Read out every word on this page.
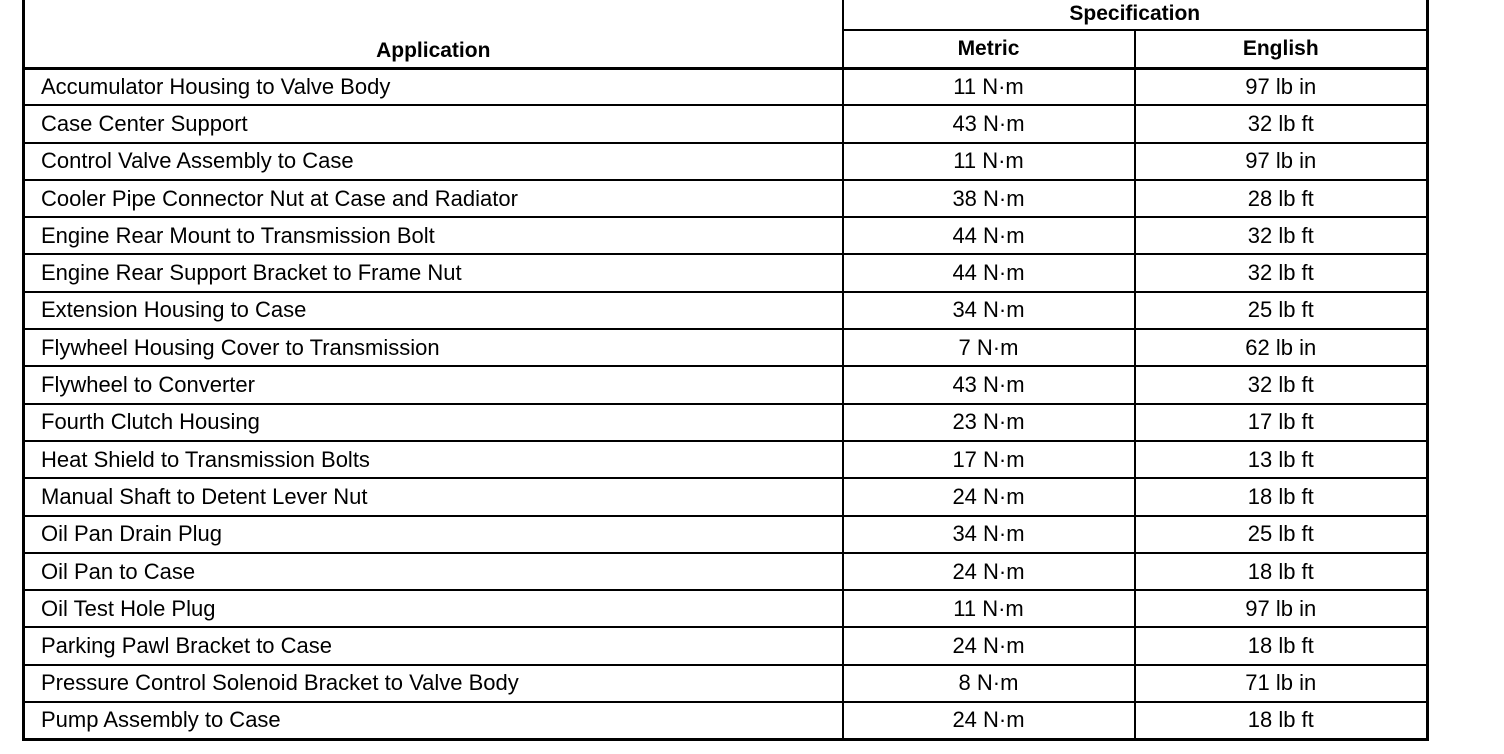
Application	Specification	
	Metric	English
Accumulator Housing to Valve Body	11 N·m	97 lb in
Case Center Support	43 N·m	32 lb ft
Control Valve Assembly to Case	11 N·m	97 lb in
Cooler Pipe Connector Nut at Case and Radiator	38 N·m	28 lb ft
Engine Rear Mount to Transmission Bolt	44 N·m	32 lb ft
Engine Rear Support Bracket to Frame Nut	44 N·m	32 lb ft
Extension Housing to Case	34 N·m	25 lb ft
Flywheel Housing Cover to Transmission	7 N·m	62 lb in
Flywheel to Converter	43 N·m	32 lb ft
Fourth Clutch Housing	23 N·m	17 lb ft
Heat Shield to Transmission Bolts	17 N·m	13 lb ft
Manual Shaft to Detent Lever Nut	24 N·m	18 lb ft
Oil Pan Drain Plug	34 N·m	25 lb ft
Oil Pan to Case	24 N·m	18 lb ft
Oil Test Hole Plug	11 N·m	97 lb in
Parking Pawl Bracket to Case	24 N·m	18 lb ft
Pressure Control Solenoid Bracket to Valve Body	8 N·m	71 lb in
Pump Assembly to Case	24 N·m	18 lb ft
